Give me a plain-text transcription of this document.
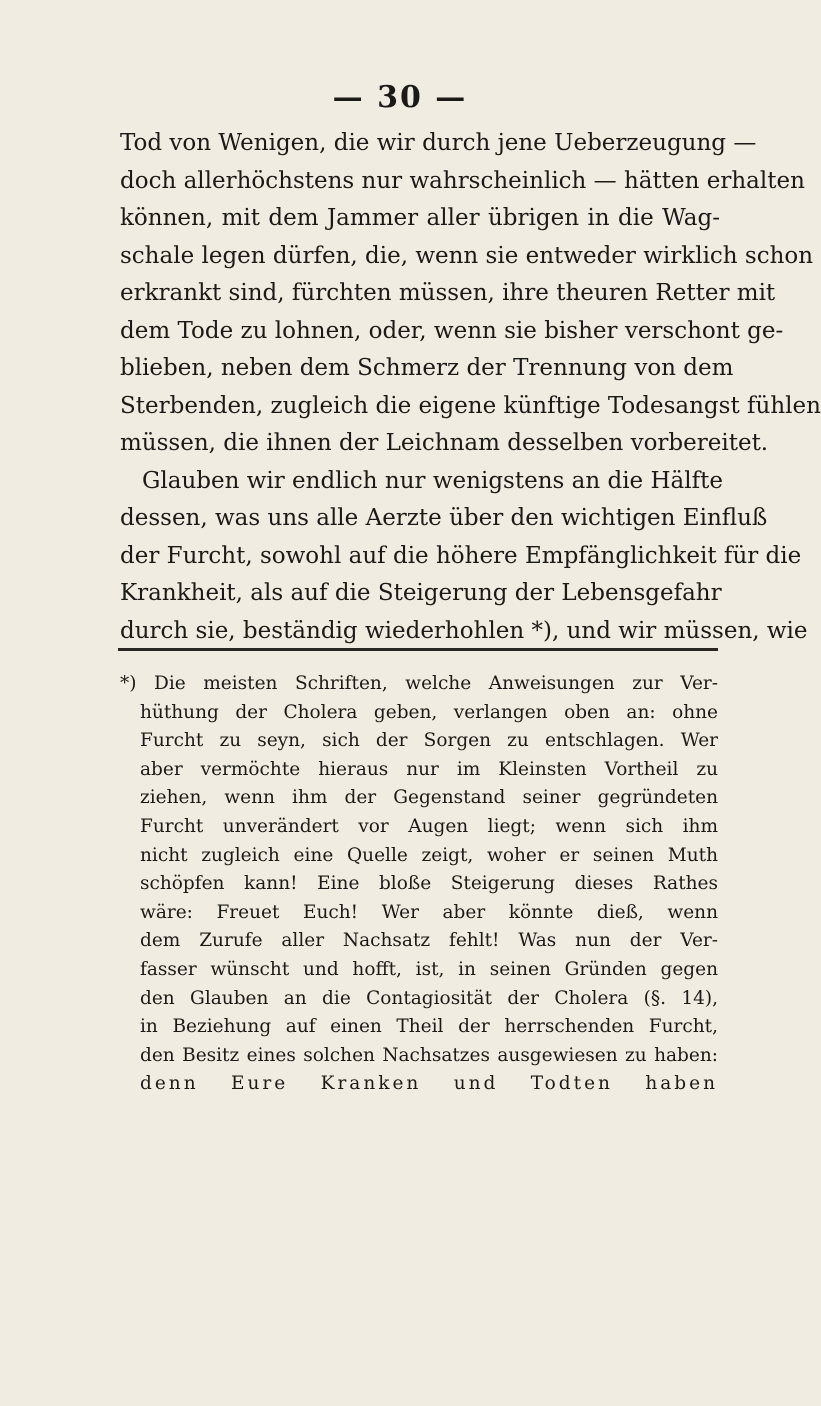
— 30 —
Tod von Wenigen, die wir durch jene Ueberzeugung —
doch allerhöchstens nur wahrscheinlich — hätten erhalten
können, mit dem Jammer aller übrigen in die Wag-
schale legen dürfen, die, wenn sie entweder wirklich schon
erkrankt sind, fürchten müssen, ihre theuren Retter mit
dem Tode zu lohnen, oder, wenn sie bisher verschont ge-
blieben, neben dem Schmerz der Trennung von dem
Sterbenden, zugleich die eigene künftige Todesangst fühlen
müssen, die ihnen der Leichnam desselben vorbereitet.
Glauben wir endlich nur wenigstens an die Hälfte
dessen, was uns alle Aerzte über den wichtigen Einfluß
der Furcht, sowohl auf die höhere Empfänglichkeit für die
Krankheit, als auf die Steigerung der Lebensgefahr
durch sie, beständig wiederhohlen *), und wir müssen, wie
*) Die meisten Schriften, welche Anweisungen zur Ver-
hüthung der Cholera geben, verlangen oben an: ohne
Furcht zu seyn, sich der Sorgen zu entschlagen. Wer
aber vermöchte hieraus nur im Kleinsten Vortheil zu
ziehen, wenn ihm der Gegenstand seiner gegründeten
Furcht unverändert vor Augen liegt; wenn sich ihm
nicht zugleich eine Quelle zeigt, woher er seinen Muth
schöpfen kann! Eine bloße Steigerung dieses Rathes
wäre: Freuet Euch! Wer aber könnte dieß, wenn
dem Zurufe aller Nachsatz fehlt! Was nun der Ver-
fasser wünscht und hofft, ist, in seinen Gründen gegen
den Glauben an die Contagiosität der Cholera (§. 14),
in Beziehung auf einen Theil der herrschenden Furcht,
den Besitz eines solchen Nachsatzes ausgewiesen zu haben:
denn Eure Kranken und Todten haben
